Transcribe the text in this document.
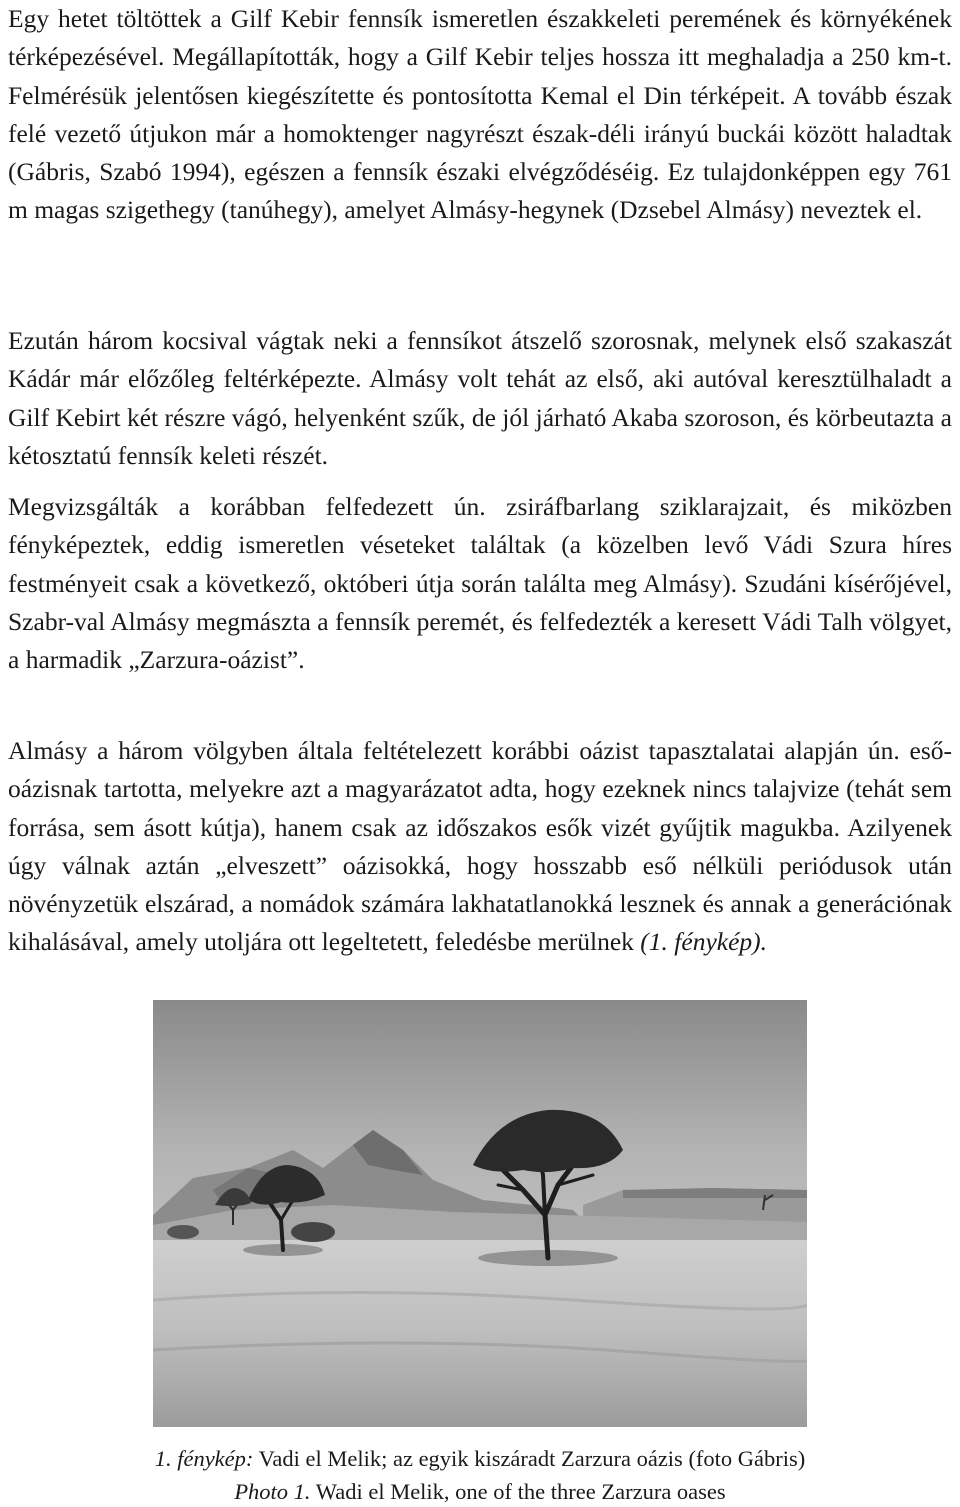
Egy hetet töltöttek a Gilf Kebir fennsík ismeretlen északkeleti peremének és környékének térképezésével. Megállapították, hogy a Gilf Kebir teljes hossza itt meghaladja a 250 km-t. Felmérésük jelentősen kiegészítette és pontosította Kemal el Din térképeit. A tovább észak felé vezető útjukon már a homoktenger nagyrészt észak-déli irányú buckái között haladtak (Gábris, Szabó 1994), egészen a fennsík északi elvégződéséig. Ez tulajdonképpen egy 761 m magas szigethegy (tanúhegy), amelyet Almásy-hegynek (Dzsebel Almásy) neveztek el.

Ezután három kocsival vágtak neki a fennsíkot átszelő szorosnak, melynek első szakaszát Kádár már előzőleg feltérképezte. Almásy volt tehát az első, aki autóval keresztülhaladt a Gilf Kebirt két részre vágó, helyenként szűk, de jól járható Akaba szoroson, és körbeutazta a kétosztatú fennsík keleti részét.

Megvizsgálták a korábban felfedezett ún. zsiráfbarlang sziklarajzait, és miközben fényképeztek, eddig ismeretlen véseteket találtak (a közelben levő Vádi Szura híres festményeit csak a következő, októberi útja során találta meg Almásy). Szudáni kísérőjével, Szabr-val Almásy megmászta a fennsík peremét, és felfedezték a keresett Vádi Talh völgyet, a harmadik „Zarzura-oázist”.

Almásy a három völgyben általa feltételezett korábbi oázist tapasztalatai alapján ún. eső-oázisnak tartotta, melyekre azt a magyarázatot adta, hogy ezeknek nincs talajvize (tehát sem forrása, sem ásott kútja), hanem csak az időszakos esők vizét gyűjtik magukba. Azilyenek úgy válnak aztán „elveszett” oázisokká, hogy hosszabb eső nélküli periódusok után növényzetük elszárad, a nomádok számára lakhatatlanokká lesznek és annak a generációnak kihalásával, amely utoljára ott legeltetett, feledésbe merülnek (1. fénykép).

1. fénykép: Vadi el Melik; az egyik kiszáradt Zarzura oázis (foto Gábris)

Photo 1. Wadi el Melik, one of the three Zarzura oases
